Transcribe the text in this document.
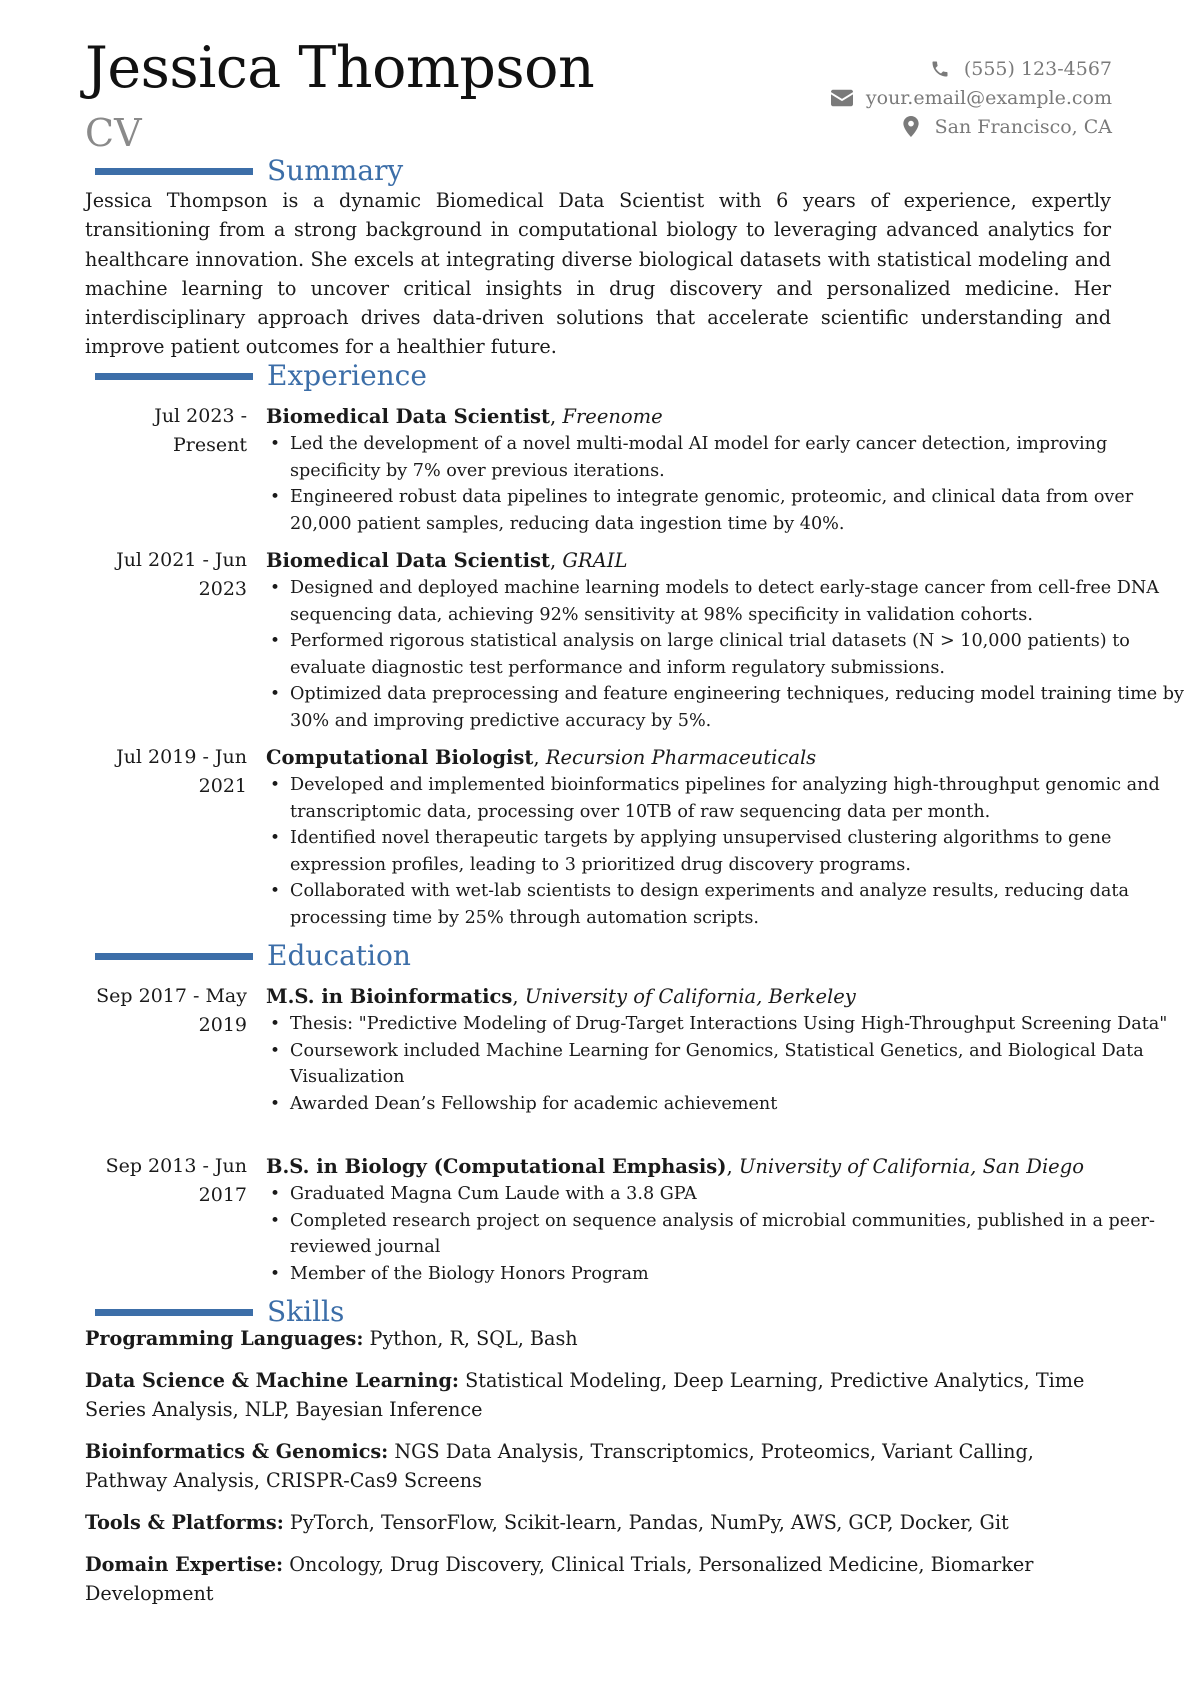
Jessica Thompson
CV
(555) 123-4567
your.email@example.com
San Francisco, CA
Summary
Jessica Thompson is a dynamic Biomedical Data Scientist with 6 years of experience, expertly transitioning from a strong background in computational biology to leveraging advanced analytics for healthcare innovation. She excels at integrating diverse biological datasets with statistical modeling and machine learning to uncover critical insights in drug discovery and personalized medicine. Her interdisciplinary approach drives data-driven solutions that accelerate scientific understanding and improve patient outcomes for a healthier future.
Experience
Jul 2023 - Present
Biomedical Data Scientist, Freenome
• Led the development of a novel multi-modal AI model for early cancer detection, improving specificity by 7% over previous iterations.
• Engineered robust data pipelines to integrate genomic, proteomic, and clinical data from over 20,000 patient samples, reducing data ingestion time by 40%.
Jul 2021 - Jun 2023
Biomedical Data Scientist, GRAIL
• Designed and deployed machine learning models to detect early-stage cancer from cell-free DNA sequencing data, achieving 92% sensitivity at 98% specificity in validation cohorts.
• Performed rigorous statistical analysis on large clinical trial datasets (N > 10,000 patients) to evaluate diagnostic test performance and inform regulatory submissions.
• Optimized data preprocessing and feature engineering techniques, reducing model training time by 30% and improving predictive accuracy by 5%.
Jul 2019 - Jun 2021
Computational Biologist, Recursion Pharmaceuticals
• Developed and implemented bioinformatics pipelines for analyzing high-throughput genomic and transcriptomic data, processing over 10TB of raw sequencing data per month.
• Identified novel therapeutic targets by applying unsupervised clustering algorithms to gene expression profiles, leading to 3 prioritized drug discovery programs.
• Collaborated with wet-lab scientists to design experiments and analyze results, reducing data processing time by 25% through automation scripts.
Education
Sep 2017 - May 2019
M.S. in Bioinformatics, University of California, Berkeley
• Thesis: "Predictive Modeling of Drug-Target Interactions Using High-Throughput Screening Data"
• Coursework included Machine Learning for Genomics, Statistical Genetics, and Biological Data Visualization
• Awarded Dean’s Fellowship for academic achievement
Sep 2013 - Jun 2017
B.S. in Biology (Computational Emphasis), University of California, San Diego
• Graduated Magna Cum Laude with a 3.8 GPA
• Completed research project on sequence analysis of microbial communities, published in a peer-reviewed journal
• Member of the Biology Honors Program
Skills
Programming Languages: Python, R, SQL, Bash
Data Science & Machine Learning: Statistical Modeling, Deep Learning, Predictive Analytics, Time Series Analysis, NLP, Bayesian Inference
Bioinformatics & Genomics: NGS Data Analysis, Transcriptomics, Proteomics, Variant Calling, Pathway Analysis, CRISPR-Cas9 Screens
Tools & Platforms: PyTorch, TensorFlow, Scikit-learn, Pandas, NumPy, AWS, GCP, Docker, Git
Domain Expertise: Oncology, Drug Discovery, Clinical Trials, Personalized Medicine, Biomarker Development
